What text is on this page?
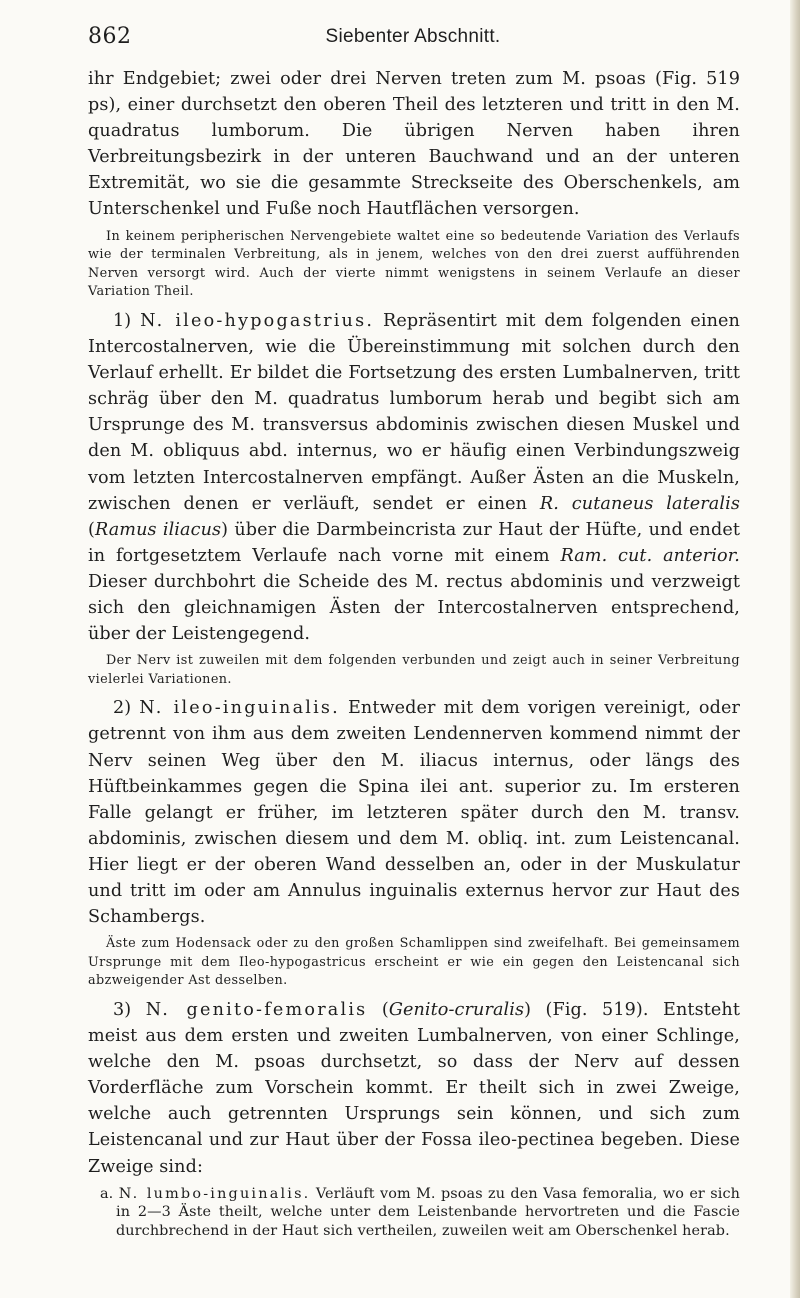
862	Siebenter Abschnitt.

ihr Endgebiet; zwei oder drei Nerven treten zum M. psoas (Fig. 519 ps), einer durchsetzt den oberen Theil des letzteren und tritt in den M. quadratus lumborum. Die übrigen Nerven haben ihren Verbreitungsbezirk in der unteren Bauchwand und an der unteren Extremität, wo sie die gesammte Streckseite des Oberschenkels, am Unterschenkel und Fuße noch Hautflächen versorgen.

In keinem peripherischen Nervengebiete waltet eine so bedeutende Variation des Verlaufs wie der terminalen Verbreitung, als in jenem, welches von den drei zuerst aufführenden Nerven versorgt wird. Auch der vierte nimmt wenigstens in seinem Verlaufe an dieser Variation Theil.

1) N. ileo-hypogastrius. Repräsentirt mit dem folgenden einen Intercostalnerven, wie die Übereinstimmung mit solchen durch den Verlauf erhellt. Er bildet die Fortsetzung des ersten Lumbalnerven, tritt schräg über den M. quadratus lumborum herab und begibt sich am Ursprunge des M. transversus abdominis zwischen diesen Muskel und den M. obliquus abd. internus, wo er häufig einen Verbindungszweig vom letzten Intercostalnerven empfängt. Außer Ästen an die Muskeln, zwischen denen er verläuft, sendet er einen R. cutaneus lateralis (Ramus iliacus) über die Darmbeincrista zur Haut der Hüfte, und endet in fortgesetztem Verlaufe nach vorne mit einem Ram. cut. anterior. Dieser durchbohrt die Scheide des M. rectus abdominis und verzweigt sich den gleichnamigen Ästen der Intercostalnerven entsprechend, über der Leistengegend.

Der Nerv ist zuweilen mit dem folgenden verbunden und zeigt auch in seiner Verbreitung vielerlei Variationen.

2) N. ileo-inguinalis. Entweder mit dem vorigen vereinigt, oder getrennt von ihm aus dem zweiten Lendennerven kommend nimmt der Nerv seinen Weg über den M. iliacus internus, oder längs des Hüftbeinkammes gegen die Spina ilei ant. superior zu. Im ersteren Falle gelangt er früher, im letzteren später durch den M. transv. abdominis, zwischen diesem und dem M. obliq. int. zum Leistencanal. Hier liegt er der oberen Wand desselben an, oder in der Muskulatur und tritt im oder am Annulus inguinalis externus hervor zur Haut des Schambergs.

Äste zum Hodensack oder zu den großen Schamlippen sind zweifelhaft. Bei gemeinsamem Ursprunge mit dem Ileo-hypogastricus erscheint er wie ein gegen den Leistencanal sich abzweigender Ast desselben.

3) N. genito-femoralis (Genito-cruralis) (Fig. 519). Entsteht meist aus dem ersten und zweiten Lumbalnerven, von einer Schlinge, welche den M. psoas durchsetzt, so dass der Nerv auf dessen Vorderfläche zum Vorschein kommt. Er theilt sich in zwei Zweige, welche auch getrennten Ursprungs sein können, und sich zum Leistencanal und zur Haut über der Fossa ileo-pectinea begeben. Diese Zweige sind:

a. N. lumbo-inguinalis. Verläuft vom M. psoas zu den Vasa femoralia, wo er sich in 2—3 Äste theilt, welche unter dem Leistenbande hervortreten und die Fascie durchbrechend in der Haut sich vertheilen, zuweilen weit am Oberschenkel herab.
